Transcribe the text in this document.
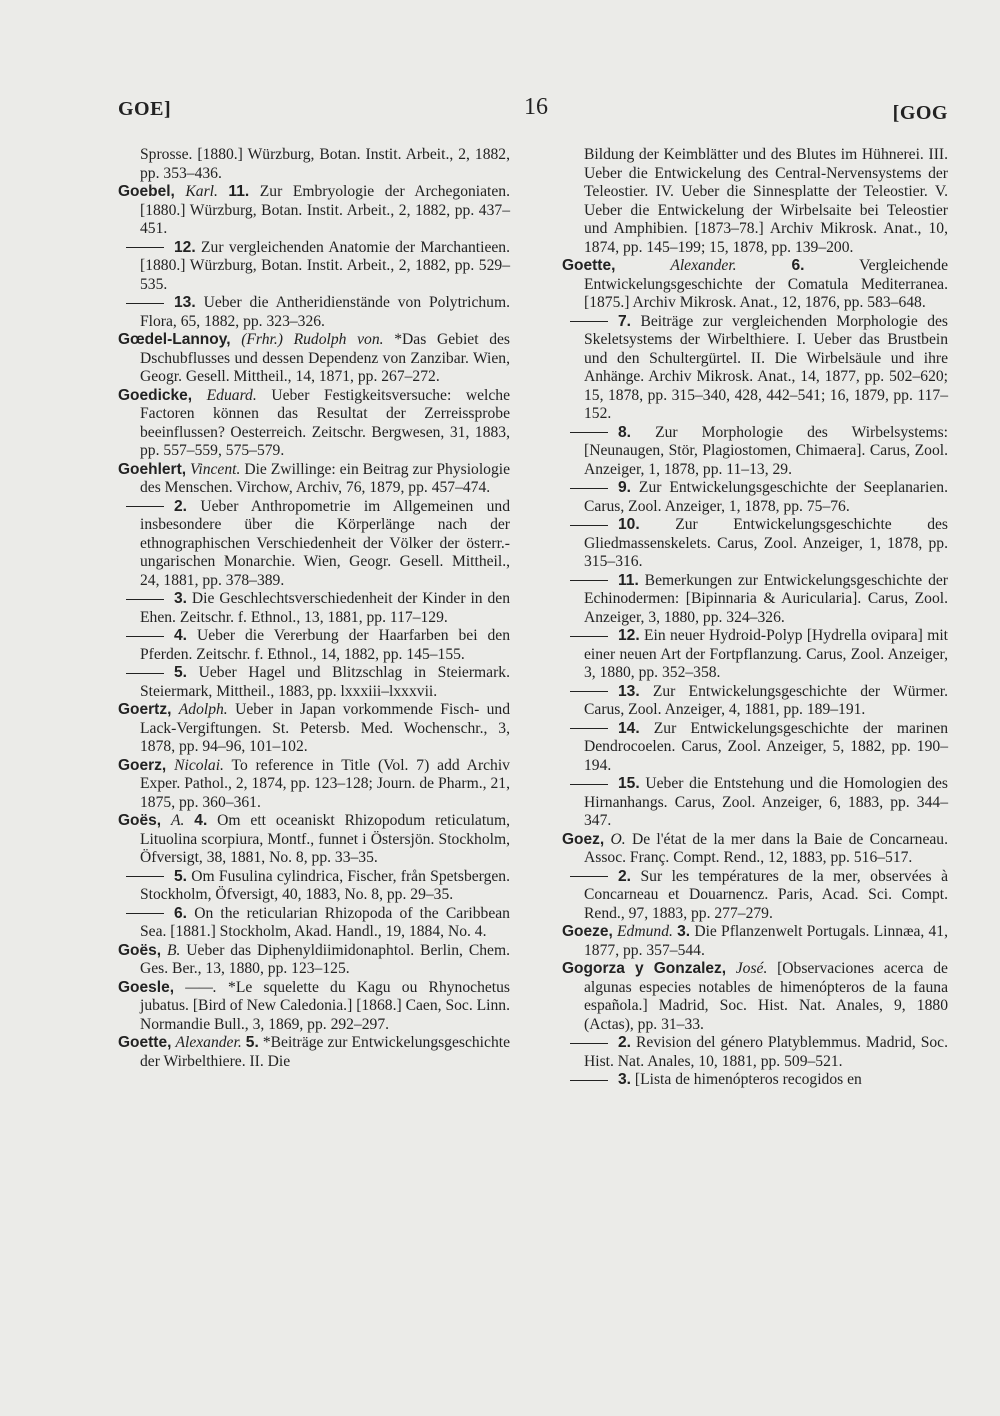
GOE]	16	[GOG

Sprosse. [1880.] Würzburg, Botan. Instit. Arbeit., 2, 1882, pp. 353–436.

Goebel, Karl. 11. Zur Embryologie der Archegoniaten. [1880.] Würzburg, Botan. Instit. Arbeit., 2, 1882, pp. 437–451.

12. Zur vergleichenden Anatomie der Marchantieen. [1880.] Würzburg, Botan. Instit. Arbeit., 2, 1882, pp. 529–535.

13. Ueber die Antheridienstände von Polytrichum. Flora, 65, 1882, pp. 323–326.

Gœdel-Lannoy, (Frhr.) Rudolph von. *Das Gebiet des Dschubflusses und dessen Dependenz von Zanzibar. Wien, Geogr. Gesell. Mittheil., 14, 1871, pp. 267–272.

Goedicke, Eduard. Ueber Festigkeitsversuche: welche Factoren können das Resultat der Zerreissprobe beeinflussen? Oesterreich. Zeitschr. Bergwesen, 31, 1883, pp. 557–559, 575–579.

Goehlert, Vincent. Die Zwillinge: ein Beitrag zur Physiologie des Menschen. Virchow, Archiv, 76, 1879, pp. 457–474.

2. Ueber Anthropometrie im Allgemeinen und insbesondere über die Körperlänge nach der ethnographischen Verschiedenheit der Völker der österr.-ungarischen Monarchie. Wien, Geogr. Gesell. Mittheil., 24, 1881, pp. 378–389.

3. Die Geschlechtsverschiedenheit der Kinder in den Ehen. Zeitschr. f. Ethnol., 13, 1881, pp. 117–129.

4. Ueber die Vererbung der Haarfarben bei den Pferden. Zeitschr. f. Ethnol., 14, 1882, pp. 145–155.

5. Ueber Hagel und Blitzschlag in Steiermark. Steiermark, Mittheil., 1883, pp. lxxxiii–lxxxvii.

Goertz, Adolph. Ueber in Japan vorkommende Fisch- und Lack-Vergiftungen. St. Petersb. Med. Wochenschr., 3, 1878, pp. 94–96, 101–102.

Goerz, Nicolai. To reference in Title (Vol. 7) add Archiv Exper. Pathol., 2, 1874, pp. 123–128; Journ. de Pharm., 21, 1875, pp. 360–361.

Goës, A. 4. Om ett oceaniskt Rhizopodum reticulatum, Lituolina scorpiura, Montf., funnet i Östersjön. Stockholm, Öfversigt, 38, 1881, No. 8, pp. 33–35.

5. Om Fusulina cylindrica, Fischer, från Spetsbergen. Stockholm, Öfversigt, 40, 1883, No. 8, pp. 29–35.

6. On the reticularian Rhizopoda of the Caribbean Sea. [1881.] Stockholm, Akad. Handl., 19, 1884, No. 4.

Goës, B. Ueber das Diphenyldiimidonaphtol. Berlin, Chem. Ges. Ber., 13, 1880, pp. 123–125.

Goesle, ——. *Le squelette du Kagu ou Rhynochetus jubatus. [Bird of New Caledonia.] [1868.] Caen, Soc. Linn. Normandie Bull., 3, 1869, pp. 292–297.

Goette, Alexander. 5. *Beiträge zur Entwickelungsgeschichte der Wirbelthiere. II. Die

Bildung der Keimblätter und des Blutes im Hühnerei. III. Ueber die Entwickelung des Central-Nervensystems der Teleostier. IV. Ueber die Sinnesplatte der Teleostier. V. Ueber die Entwickelung der Wirbelsaite bei Teleostier und Amphibien. [1873–78.] Archiv Mikrosk. Anat., 10, 1874, pp. 145–199; 15, 1878, pp. 139–200.

Goette,	Alexander.	6.	Vergleichende Entwickelungsgeschichte der Comatula Mediterranea. [1875.] Archiv Mikrosk. Anat., 12, 1876, pp. 583–648.

7. Beiträge zur vergleichenden Morphologie des Skeletsystems der Wirbelthiere. I. Ueber das Brustbein und den Schultergürtel. II. Die Wirbelsäule und ihre Anhänge. Archiv Mikrosk. Anat., 14, 1877, pp. 502–620; 15, 1878, pp. 315–340, 428, 442–541; 16, 1879, pp. 117–152.

8. Zur Morphologie des Wirbelsystems: [Neunaugen, Stör, Plagiostomen, Chimaera]. Carus, Zool. Anzeiger, 1, 1878, pp. 11–13, 29.

9. Zur Entwickelungsgeschichte der Seeplanarien. Carus, Zool. Anzeiger, 1, 1878, pp. 75–76.

10. Zur Entwickelungsgeschichte des Gliedmassenskelets. Carus, Zool. Anzeiger, 1, 1878, pp. 315–316.

11. Bemerkungen zur Entwickelungsgeschichte der Echinodermen: [Bipinnaria & Auricularia]. Carus, Zool. Anzeiger, 3, 1880, pp. 324–326.

12. Ein neuer Hydroid-Polyp [Hydrella ovipara] mit einer neuen Art der Fortpflanzung. Carus, Zool. Anzeiger, 3, 1880, pp. 352–358.

13. Zur Entwickelungsgeschichte der Würmer. Carus, Zool. Anzeiger, 4, 1881, pp. 189–191.

14. Zur Entwickelungsgeschichte der marinen Dendrocoelen. Carus, Zool. Anzeiger, 5, 1882, pp. 190–194.

15. Ueber die Entstehung und die Homologien des Hirnanhangs. Carus, Zool. Anzeiger, 6, 1883, pp. 344–347.

Goez, O. De l'état de la mer dans la Baie de Concarneau. Assoc. Franç. Compt. Rend., 12, 1883, pp. 516–517.

2. Sur les températures de la mer, observées à Concarneau et Douarnencz. Paris, Acad. Sci. Compt. Rend., 97, 1883, pp. 277–279.

Goeze, Edmund. 3. Die Pflanzenwelt Portugals. Linnæa, 41, 1877, pp. 357–544.

Gogorza y Gonzalez, José. [Observaciones acerca de algunas especies notables de himenópteros de la fauna española.] Madrid, Soc. Hist. Nat. Anales, 9, 1880 (Actas), pp. 31–33.

2. Revision del género Platyblemmus. Madrid, Soc. Hist. Nat. Anales, 10, 1881, pp. 509–521.

3. [Lista de himenópteros recogidos en
